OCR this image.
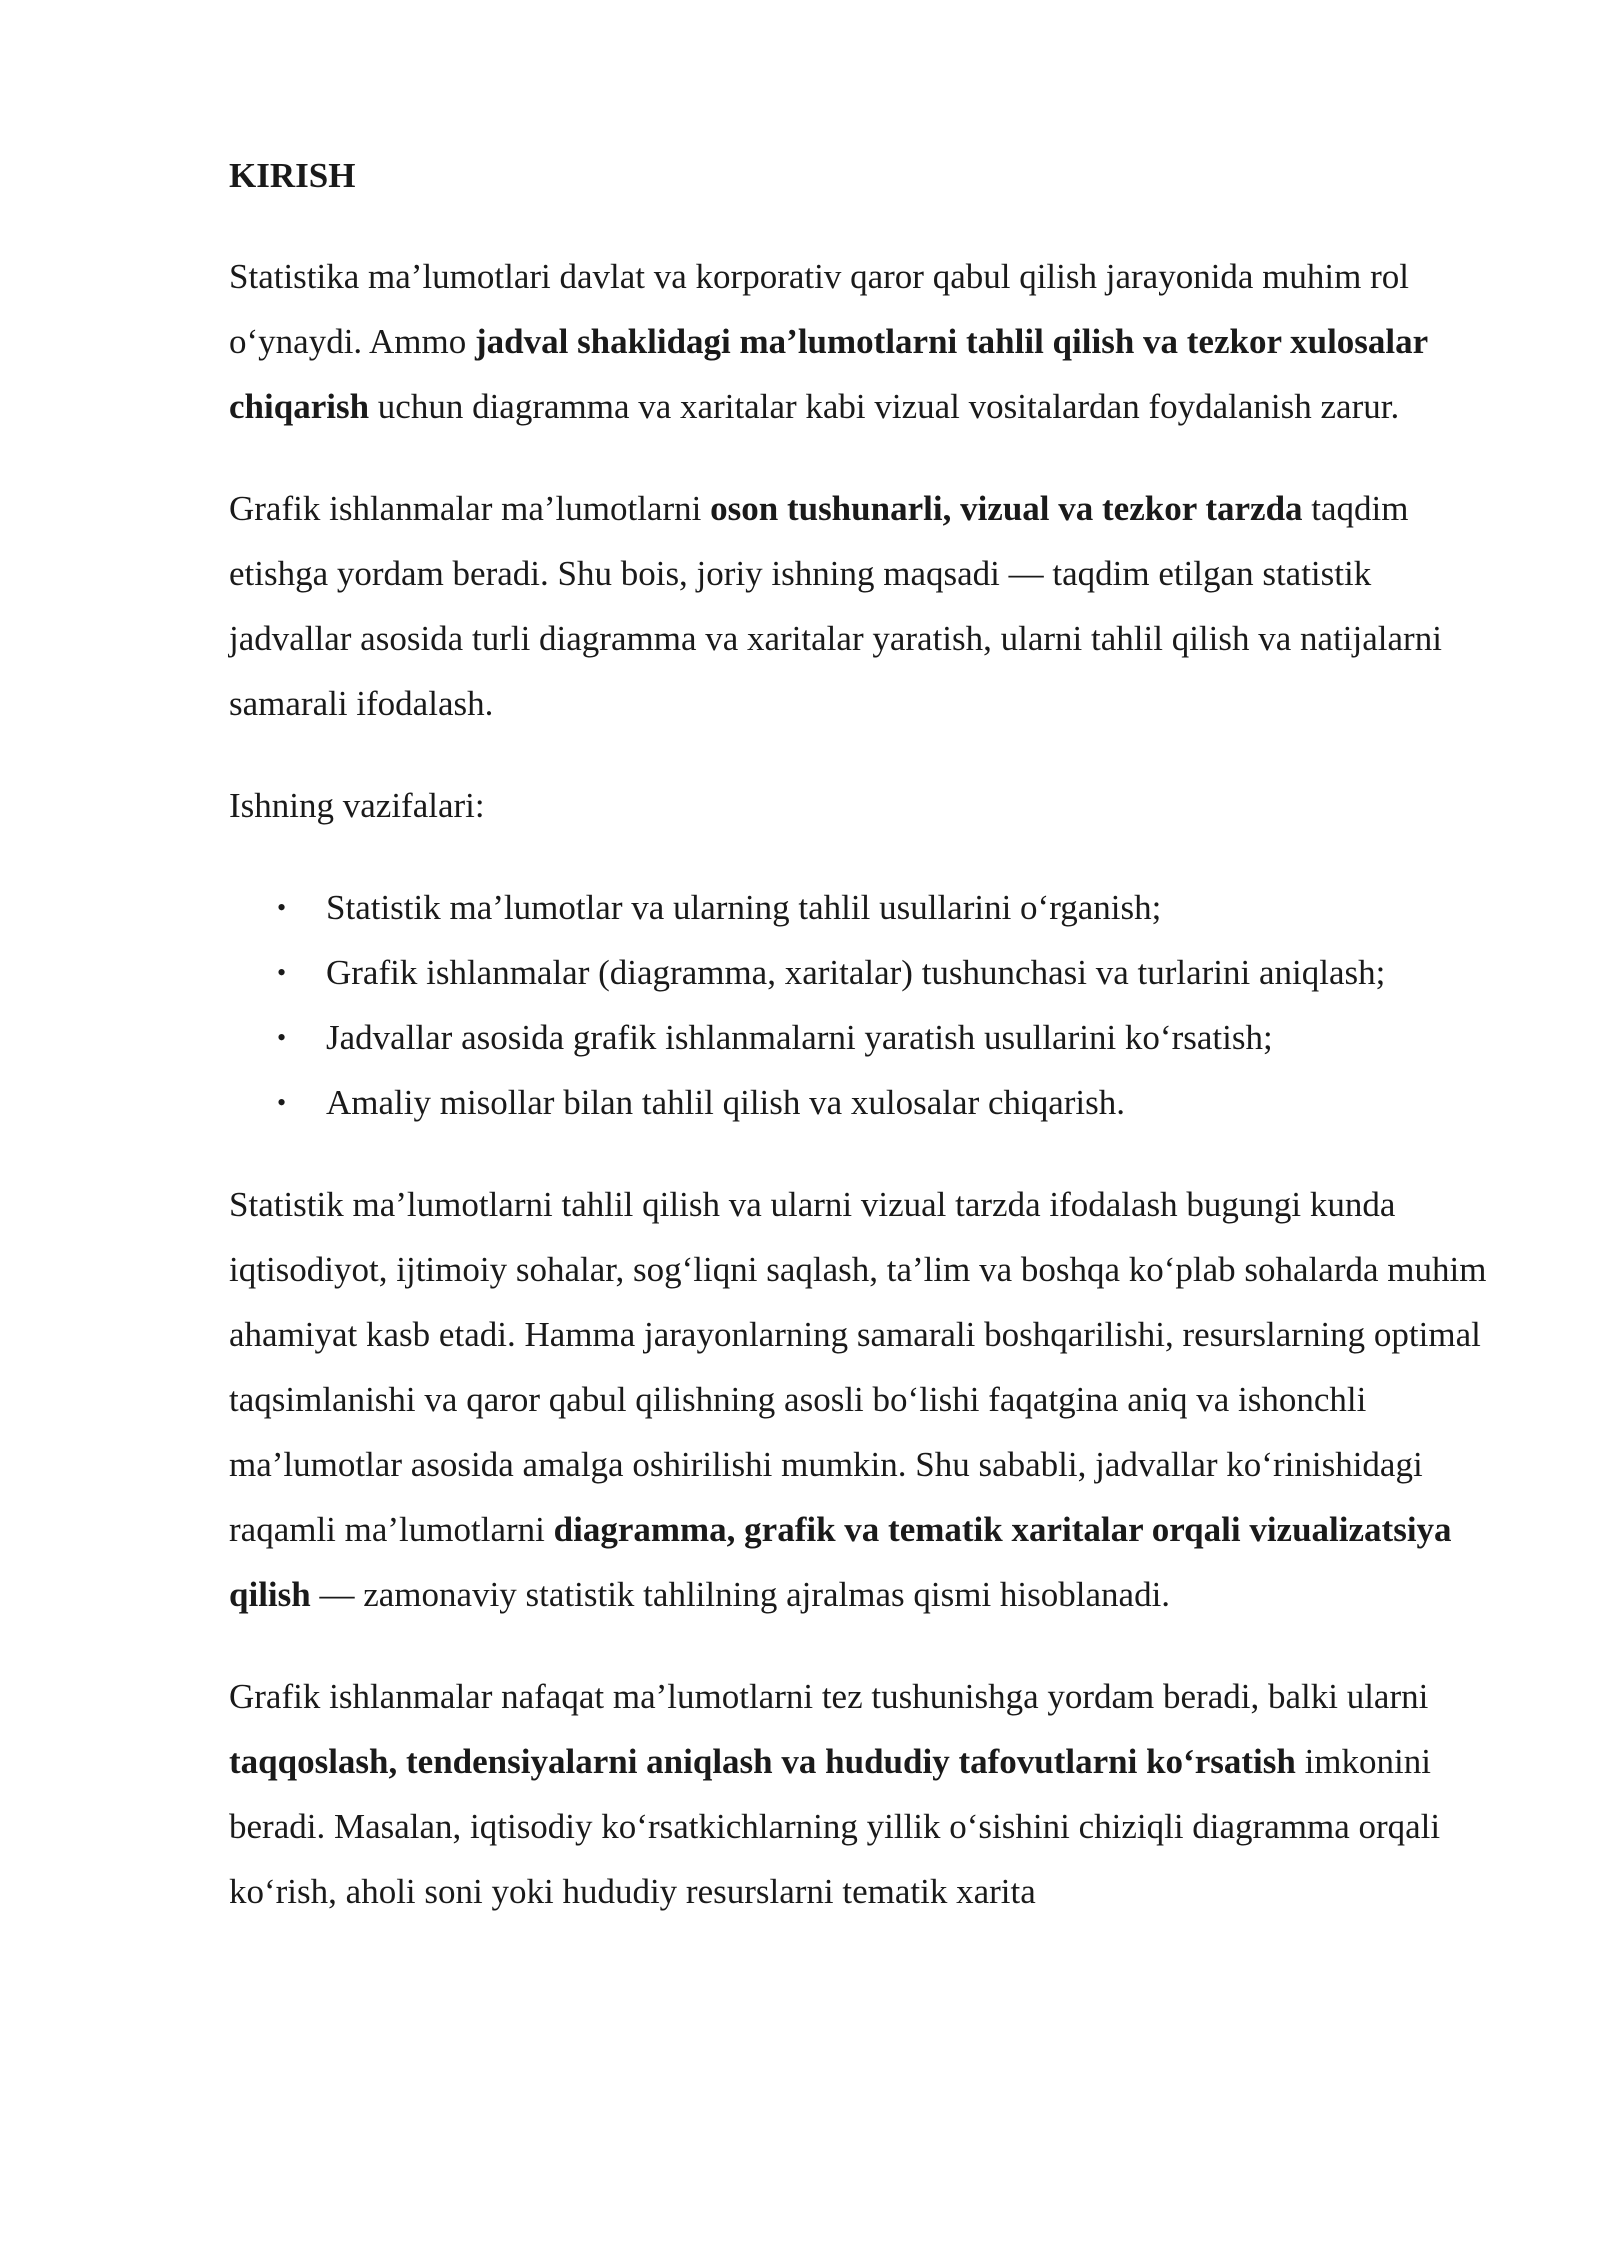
KIRISH

Statistika ma’lumotlari davlat va korporativ qaror qabul qilish jarayonida muhim rol o‘ynaydi. Ammo jadval shaklidagi ma’lumotlarni tahlil qilish va tezkor xulosalar chiqarish uchun diagramma va xaritalar kabi vizual vositalardan foydalanish zarur.

Grafik ishlanmalar ma’lumotlarni oson tushunarli, vizual va tezkor tarzda taqdim etishga yordam beradi. Shu bois, joriy ishning maqsadi — taqdim etilgan statistik jadvallar asosida turli diagramma va xaritalar yaratish, ularni tahlil qilish va natijalarni samarali ifodalash.

Ishning vazifalari:

• Statistik ma’lumotlar va ularning tahlil usullarini o‘rganish;
• Grafik ishlanmalar (diagramma, xaritalar) tushunchasi va turlarini aniqlash;
• Jadvallar asosida grafik ishlanmalarni yaratish usullarini ko‘rsatish;
• Amaliy misollar bilan tahlil qilish va xulosalar chiqarish.

Statistik ma’lumotlarni tahlil qilish va ularni vizual tarzda ifodalash bugungi kunda iqtisodiyot, ijtimoiy sohalar, sog‘liqni saqlash, ta’lim va boshqa ko‘plab sohalarda muhim ahamiyat kasb etadi. Hamma jarayonlarning samarali boshqarilishi, resurslarning optimal taqsimlanishi va qaror qabul qilishning asosli bo‘lishi faqatgina aniq va ishonchli ma’lumotlar asosida amalga oshirilishi mumkin. Shu sababli, jadvallar ko‘rinishidagi raqamli ma’lumotlarni diagramma, grafik va tematik xaritalar orqali vizualizatsiya qilish — zamonaviy statistik tahlilning ajralmas qismi hisoblanadi.

Grafik ishlanmalar nafaqat ma’lumotlarni tez tushunishga yordam beradi, balki ularni taqqoslash, tendensiyalarni aniqlash va hududiy tafovutlarni ko‘rsatish imkonini beradi. Masalan, iqtisodiy ko‘rsatkichlarning yillik o‘sishini chiziqli diagramma orqali ko‘rish, aholi soni yoki hududiy resurslarni tematik xarita
